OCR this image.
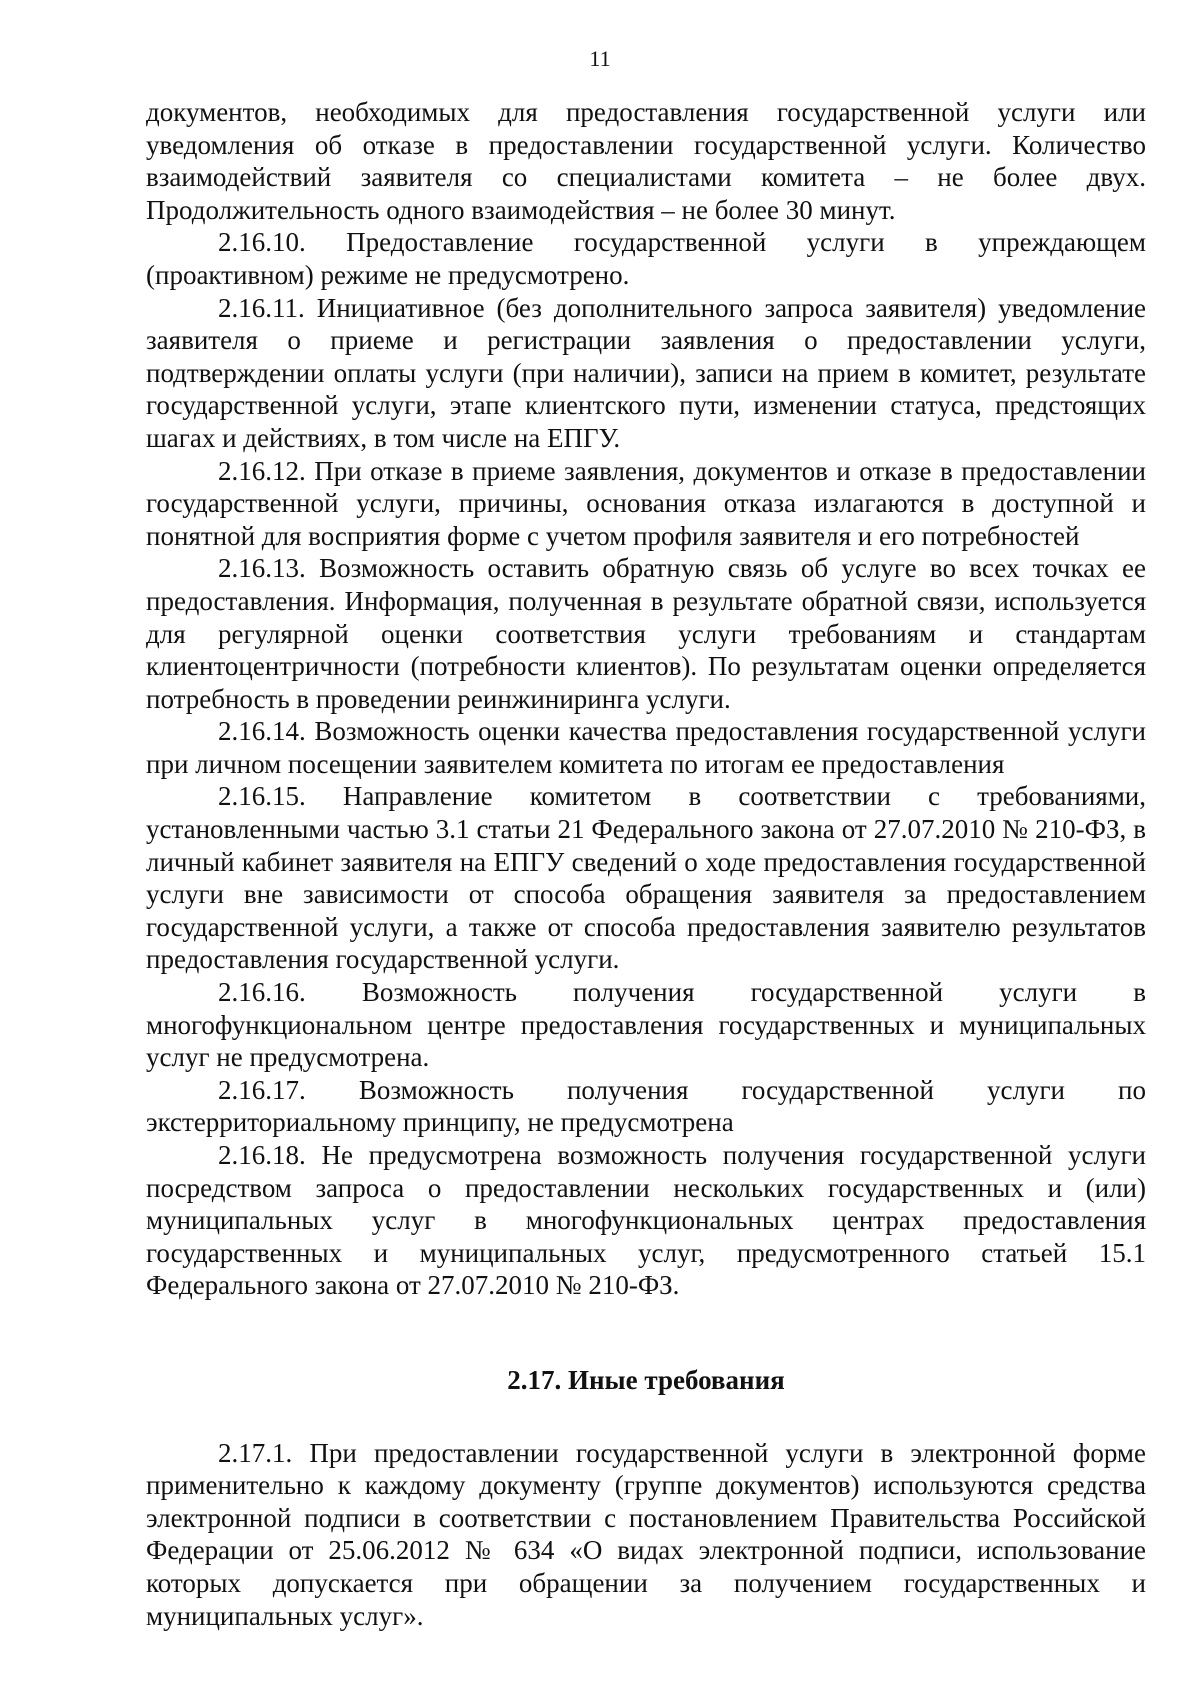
11

документов, необходимых для предоставления государственной услуги или уведомления об отказе в предоставлении государственной услуги. Количество взаимодействий заявителя со специалистами комитета – не более двух. Продолжительность одного взаимодействия – не более 30 минут.

2.16.10. Предоставление государственной услуги в упреждающем (проактивном) режиме не предусмотрено.

2.16.11. Инициативное (без дополнительного запроса заявителя) уведомление заявителя о приеме и регистрации заявления о предоставлении услуги, подтверждении оплаты услуги (при наличии), записи на прием в комитет, результате государственной услуги, этапе клиентского пути, изменении статуса, предстоящих шагах и действиях, в том числе на ЕПГУ.

2.16.12. При отказе в приеме заявления, документов и отказе в предоставлении государственной услуги, причины, основания отказа излагаются в доступной и понятной для восприятия форме с учетом профиля заявителя и его потребностей

2.16.13. Возможность оставить обратную связь об услуге во всех точках ее предоставления. Информация, полученная в результате обратной связи, используется для регулярной оценки соответствия услуги требованиям и стандартам клиентоцентричности (потребности клиентов). По результатам оценки определяется потребность в проведении реинжиниринга услуги.

2.16.14. Возможность оценки качества предоставления государственной услуги при личном посещении заявителем комитета по итогам ее предоставления

2.16.15. Направление комитетом в соответствии с требованиями, установленными частью 3.1 статьи 21 Федерального закона от 27.07.2010 № 210-ФЗ, в личный кабинет заявителя на ЕПГУ сведений о ходе предоставления государственной услуги вне зависимости от способа обращения заявителя за предоставлением государственной услуги, а также от способа предоставления заявителю результатов предоставления государственной услуги.

2.16.16. Возможность получения государственной услуги в многофункциональном центре предоставления государственных и муниципальных услуг не предусмотрена.

2.16.17. Возможность получения государственной услуги по экстерриториальному принципу, не предусмотрена

2.16.18. Не предусмотрена возможность получения государственной услуги посредством запроса о предоставлении нескольких государственных и (или) муниципальных услуг в многофункциональных центрах предоставления государственных и муниципальных услуг, предусмотренного статьей 15.1 Федерального закона от 27.07.2010 № 210-ФЗ.

2.17. Иные требования

2.17.1. При предоставлении государственной услуги в электронной форме применительно к каждому документу (группе документов) используются средства электронной подписи в соответствии с постановлением Правительства Российской Федерации от 25.06.2012 № 634 «О видах электронной подписи, использование которых допускается при обращении за получением государственных и муниципальных услуг».
